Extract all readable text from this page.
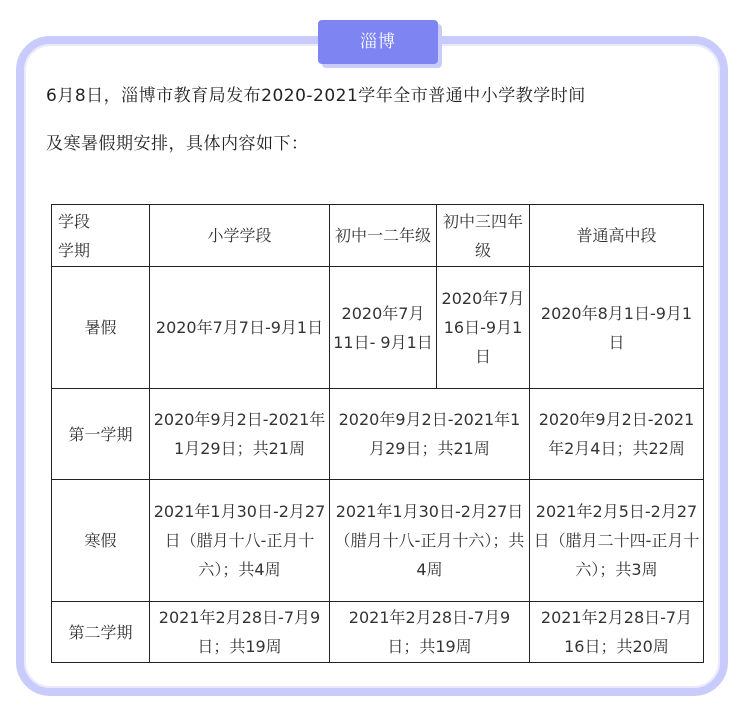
淄博
6月8日，淄博市教育局发布2020-2021学年全市普通中小学教学时间
及寒暑假期安排，具体内容如下：
学段
学期	小学学段	初中一二年级	初中三四年级	普通高中段
暑假	2020年7月7日-9月1日	2020年7月11日- 9月1日	2020年7月16日-9月1日	2020年8月1日-9月1日
第一学期	2020年9月2日-2021年1月29日；共21周	2020年9月2日-2021年1月29日；共21周		2020年9月2日-2021年2月4日；共22周
寒假	2021年1月30日-2月27日（腊月十八-正月十六）；共4周	2021年1月30日-2月27日（腊月十八-正月十六）；共4周		2021年2月5日-2月27日（腊月二十四-正月十六）；共3周
第二学期	2021年2月28日-7月9日；共19周	2021年2月28日-7月9日；共19周		2021年2月28日-7月16日；共20周
